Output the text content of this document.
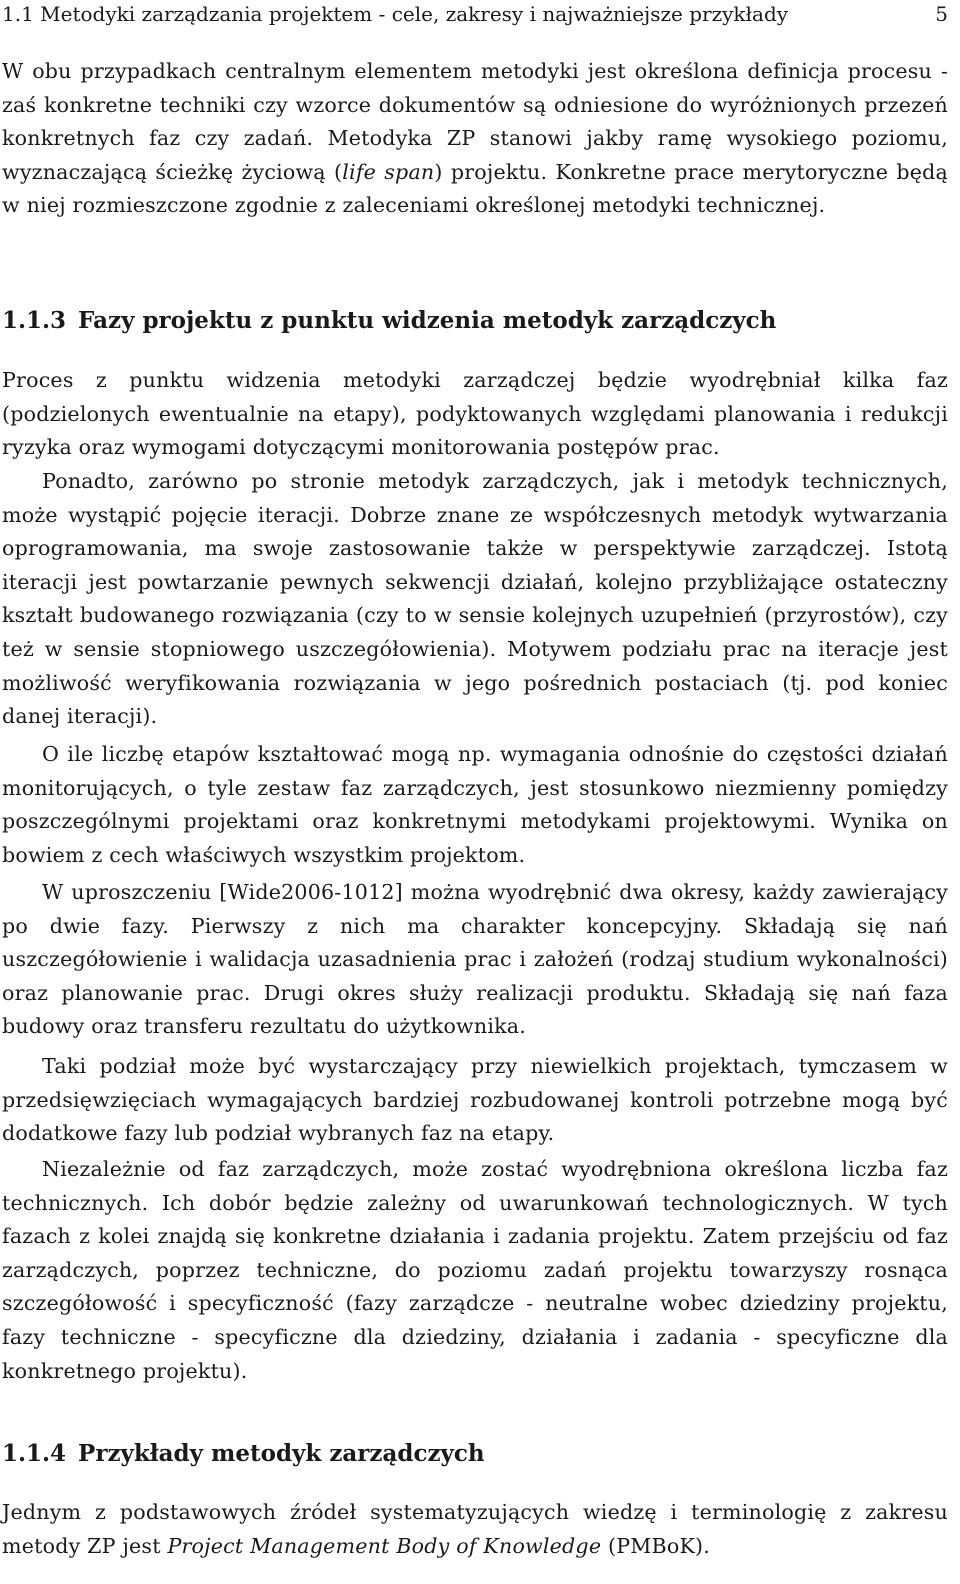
1.1 Metodyki zarządzania projektem - cele, zakresy i najważniejsze przykłady	5

W obu przypadkach centralnym elementem metodyki jest określona definicja procesu - zaś konkretne techniki czy wzorce dokumentów są odniesione do wyróżnionych przezeń konkretnych faz czy zadań. Metodyka ZP stanowi jakby ramę wysokiego poziomu, wyznaczającą ścieżkę życiową (life span) projektu. Konkretne prace merytoryczne będą w niej rozmieszczone zgodnie z zaleceniami określonej metodyki technicznej.

1.1.3 Fazy projektu z punktu widzenia metodyk zarządczych

Proces z punktu widzenia metodyki zarządczej będzie wyodrębniał kilka faz (podzielonych ewentualnie na etapy), podyktowanych względami planowania i redukcji ryzyka oraz wymogami dotyczącymi monitorowania postępów prac.

Ponadto, zarówno po stronie metodyk zarządczych, jak i metodyk technicznych, może wystąpić pojęcie iteracji. Dobrze znane ze współczesnych metodyk wytwarzania oprogramowania, ma swoje zastosowanie także w perspektywie zarządczej. Istotą iteracji jest powtarzanie pewnych sekwencji działań, kolejno przybliżające ostateczny kształt budowanego rozwiązania (czy to w sensie kolejnych uzupełnień (przyrostów), czy też w sensie stopniowego uszczegółowienia). Motywem podziału prac na iteracje jest możliwość weryfikowania rozwiązania w jego pośrednich postaciach (tj. pod koniec danej iteracji).

O ile liczbę etapów kształtować mogą np. wymagania odnośnie do częstości działań monitorujących, o tyle zestaw faz zarządczych, jest stosunkowo niezmienny pomiędzy poszczególnymi projektami oraz konkretnymi metodykami projektowymi. Wynika on bowiem z cech właściwych wszystkim projektom.

W uproszczeniu [Wide2006-1012] można wyodrębnić dwa okresy, każdy zawierający po dwie fazy. Pierwszy z nich ma charakter koncepcyjny. Składają się nań uszczegółowienie i walidacja uzasadnienia prac i założeń (rodzaj studium wykonalności) oraz planowanie prac. Drugi okres służy realizacji produktu. Składają się nań faza budowy oraz transferu rezultatu do użytkownika.

Taki podział może być wystarczający przy niewielkich projektach, tymczasem w przedsięwzięciach wymagających bardziej rozbudowanej kontroli potrzebne mogą być dodatkowe fazy lub podział wybranych faz na etapy.

Niezależnie od faz zarządczych, może zostać wyodrębniona określona liczba faz technicznych. Ich dobór będzie zależny od uwarunkowań technologicznych. W tych fazach z kolei znajdą się konkretne działania i zadania projektu. Zatem przejściu od faz zarządczych, poprzez techniczne, do poziomu zadań projektu towarzyszy rosnąca szczegółowość i specyficzność (fazy zarządcze - neutralne wobec dziedziny projektu, fazy techniczne - specyficzne dla dziedziny, działania i zadania - specyficzne dla konkretnego projektu).

1.1.4 Przykłady metodyk zarządczych

Jednym z podstawowych źródeł systematyzujących wiedzę i terminologię z zakresu metody ZP jest Project Management Body of Knowledge (PMBoK).
